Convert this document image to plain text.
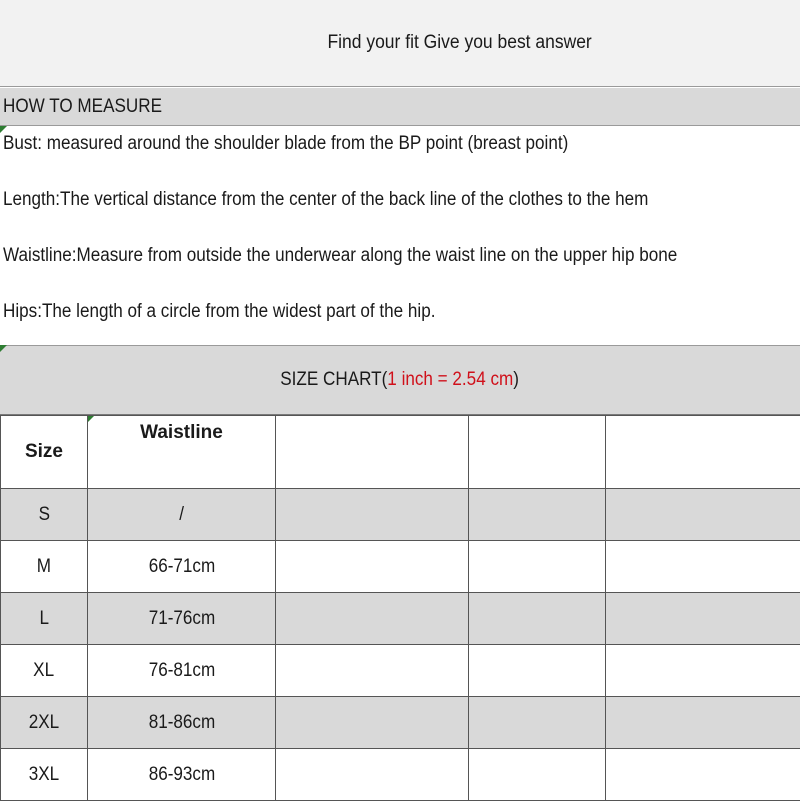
Find your fit Give you best answer
HOW TO MEASURE
Bust: measured around the shoulder blade from the BP point (breast point)
Length:The vertical distance from the center of the back line of the clothes to the hem
Waistline:Measure from outside the underwear along the waist line on the upper hip bone
Hips:The length of a circle from the widest part of the hip.
SIZE CHART(1 inch = 2.54 cm)
Size	Waistline			
S	/			
M	66-71cm			
L	71-76cm			
XL	76-81cm			
2XL	81-86cm			
3XL	86-93cm			
